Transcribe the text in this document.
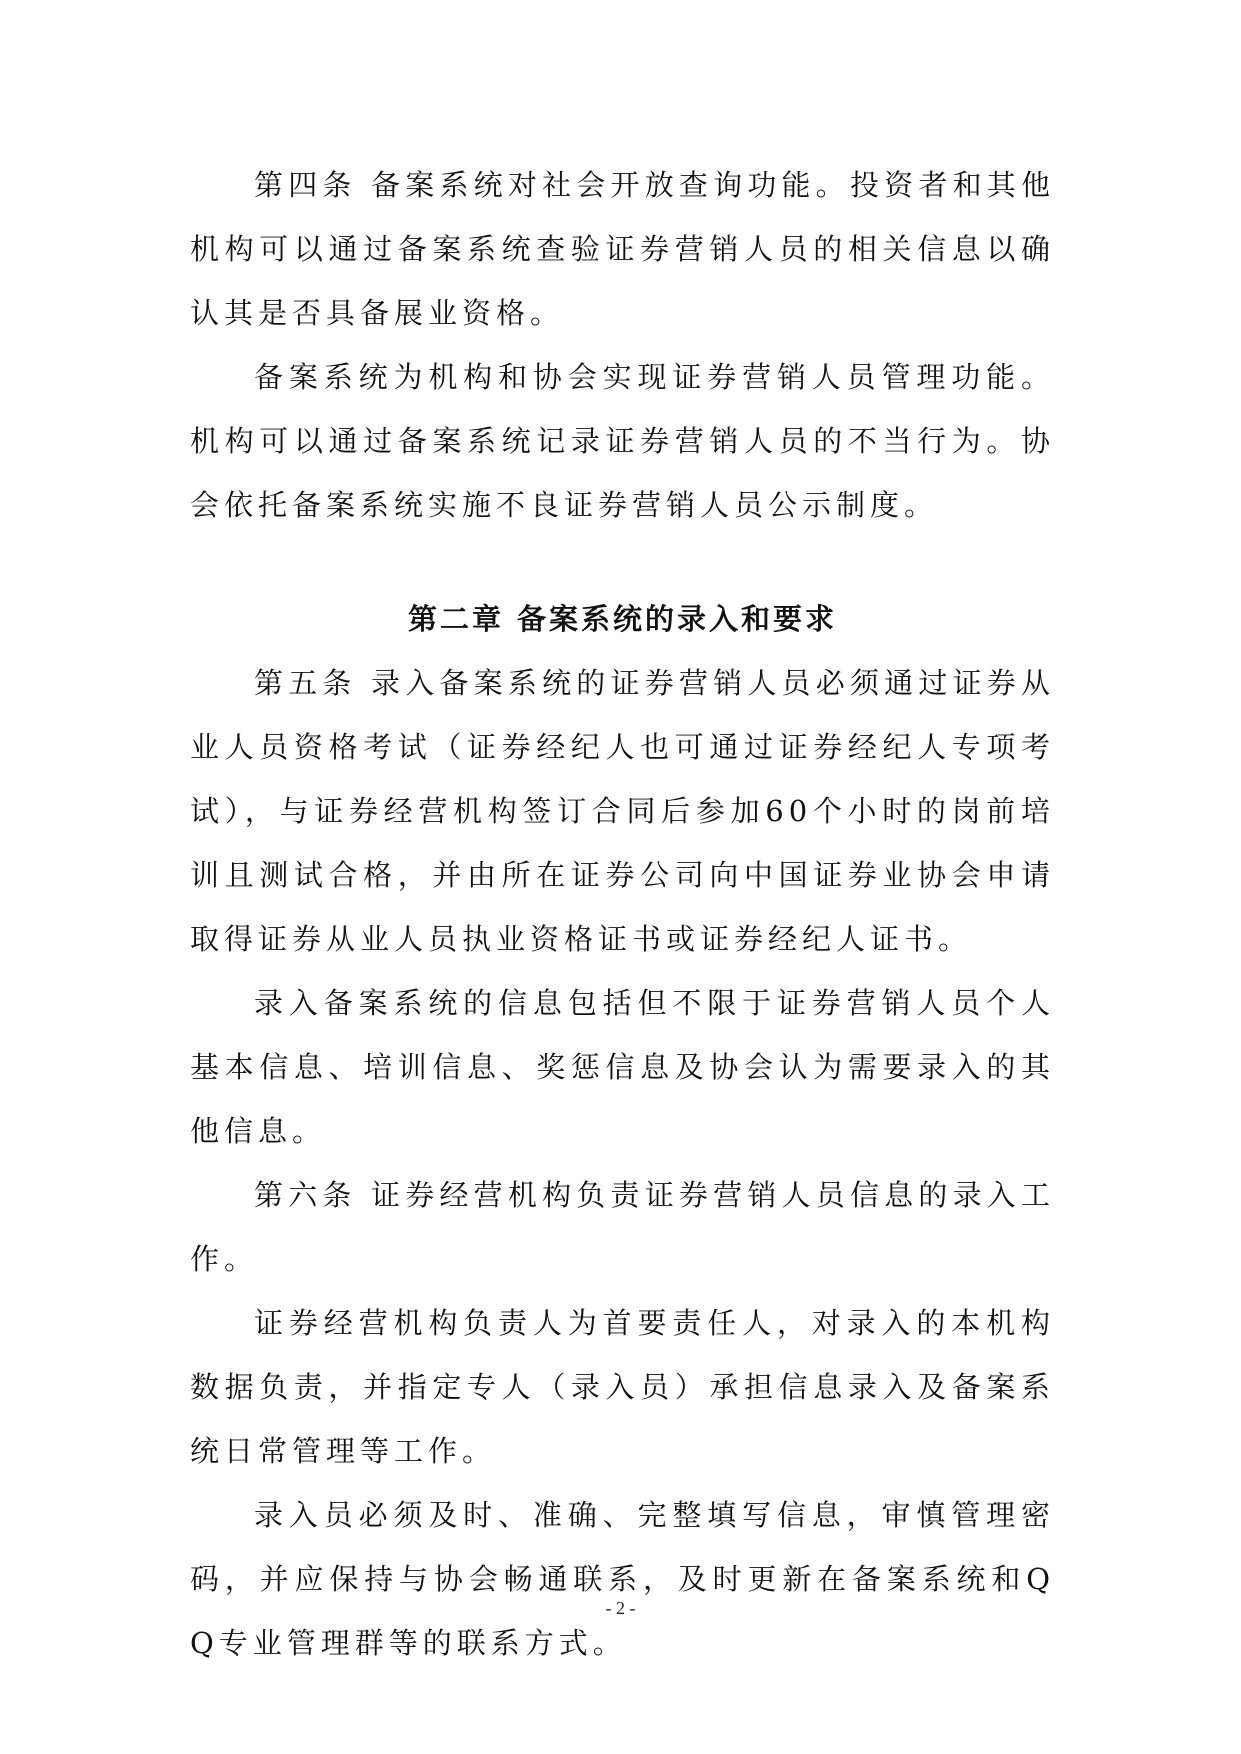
第四条 备案系统对社会开放查询功能。投资者和其他机构可以通过备案系统查验证券营销人员的相关信息以确认其是否具备展业资格。

备案系统为机构和协会实现证券营销人员管理功能。机构可以通过备案系统记录证券营销人员的不当行为。协会依托备案系统实施不良证券营销人员公示制度。

第二章 备案系统的录入和要求

第五条 录入备案系统的证券营销人员必须通过证券从业人员资格考试（证券经纪人也可通过证券经纪人专项考试），与证券经营机构签订合同后参加60个小时的岗前培训且测试合格，并由所在证券公司向中国证券业协会申请取得证券从业人员执业资格证书或证券经纪人证书。

录入备案系统的信息包括但不限于证券营销人员个人基本信息、培训信息、奖惩信息及协会认为需要录入的其他信息。

第六条 证券经营机构负责证券营销人员信息的录入工作。

证券经营机构负责人为首要责任人，对录入的本机构数据负责，并指定专人（录入员）承担信息录入及备案系统日常管理等工作。

录入员必须及时、准确、完整填写信息，审慎管理密码，并应保持与协会畅通联系，及时更新在备案系统和QQ专业管理群等的联系方式。

- 2 -
